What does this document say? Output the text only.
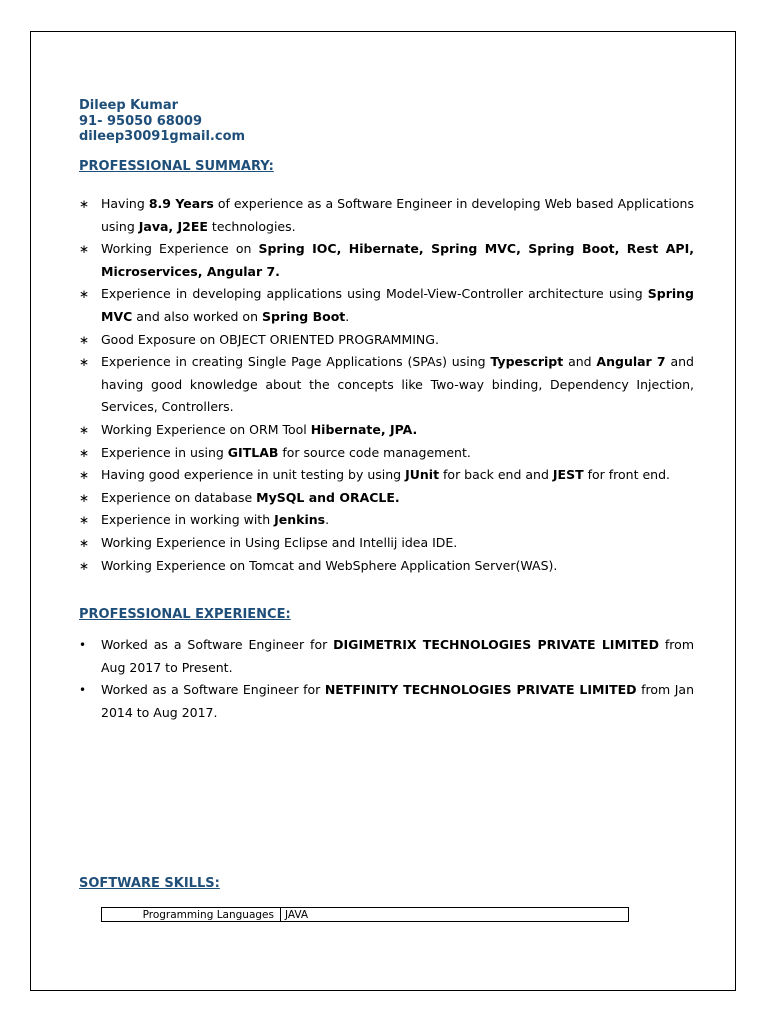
Dileep Kumar
91- 95050 68009
dileep30091gmail.com
PROFESSIONAL SUMMARY:
∗ Having 8.9 Years of experience as a Software Engineer in developing Web based Applications using Java, J2EE technologies.
∗ Working Experience on Spring IOC, Hibernate, Spring MVC, Spring Boot, Rest API, Microservices, Angular 7.
∗ Experience in developing applications using Model-View-Controller architecture using Spring MVC and also worked on Spring Boot.
∗ Good Exposure on OBJECT ORIENTED PROGRAMMING.
∗ Experience in creating Single Page Applications (SPAs) using Typescript and Angular 7 and having good knowledge about the concepts like Two-way binding, Dependency Injection, Services, Controllers.
∗ Working Experience on ORM Tool Hibernate, JPA.
∗ Experience in using GITLAB for source code management.
∗ Having good experience in unit testing by using JUnit for back end and JEST for front end.
∗ Experience on database MySQL and ORACLE.
∗ Experience in working with Jenkins.
∗ Working Experience in Using Eclipse and Intellij idea IDE.
∗ Working Experience on Tomcat and WebSphere Application Server(WAS).
PROFESSIONAL EXPERIENCE:
•	Worked as a Software Engineer for DIGIMETRIX TECHNOLOGIES PRIVATE LIMITED from Aug 2017 to Present.
•	Worked as a Software Engineer for NETFINITY TECHNOLOGIES PRIVATE LIMITED from Jan 2014 to Aug 2017.
SOFTWARE SKILLS:
Programming Languages	JAVA
